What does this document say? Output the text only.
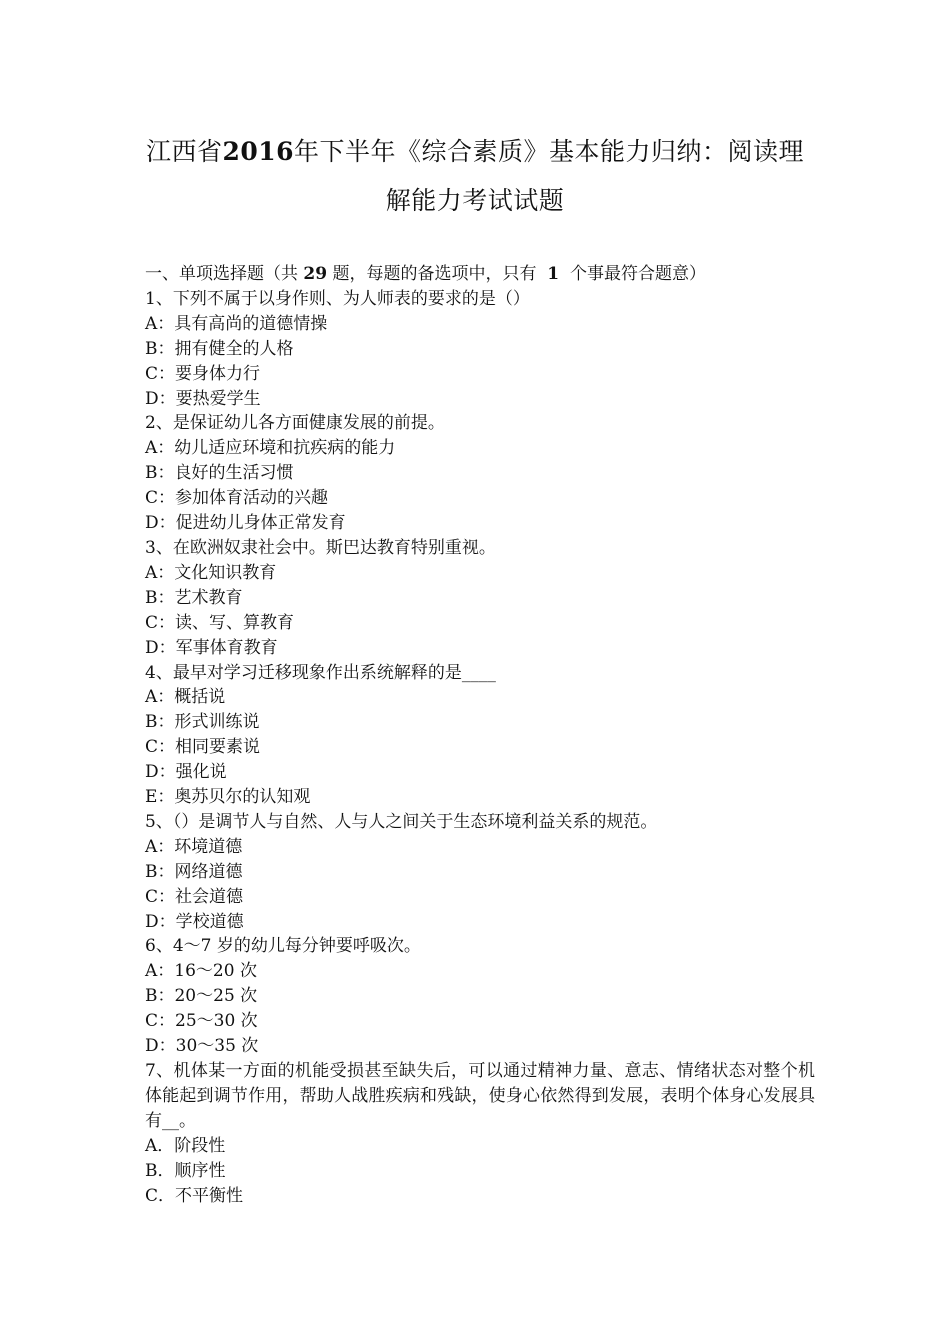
江西省2016年下半年《综合素质》基本能力归纳：阅读理
解能力考试试题
一、单项选择题（共 29 题，每题的备选项中，只有  1  个事最符合题意）
1、下列不属于以身作则、为人师表的要求的是（）
A：具有高尚的道德情操
B：拥有健全的人格
C：要身体力行
D：要热爱学生
2、是保证幼儿各方面健康发展的前提。
A：幼儿适应环境和抗疾病的能力
B：良好的生活习惯
C：参加体育活动的兴趣
D：促进幼儿身体正常发育
3、在欧洲奴隶社会中。斯巴达教育特别重视。
A：文化知识教育
B：艺术教育
C：读、写、算教育
D：军事体育教育
4、最早对学习迁移现象作出系统解释的是____
A：概括说
B：形式训练说
C：相同要素说
D：强化说
E：奥苏贝尔的认知观
5、（）是调节人与自然、人与人之间关于生态环境利益关系的规范。
A：环境道德
B：网络道德
C：社会道德
D：学校道德
6、4～7 岁的幼儿每分钟要呼吸次。
A：16～20 次
B：20～25 次
C：25～30 次
D：30～35 次
7、机体某一方面的机能受损甚至缺失后，可以通过精神力量、意志、情绪状态对整个机体能起到调节作用，帮助人战胜疾病和残缺，使身心依然得到发展，表明个体身心发展具有__。
A．阶段性
B．顺序性
C．不平衡性
